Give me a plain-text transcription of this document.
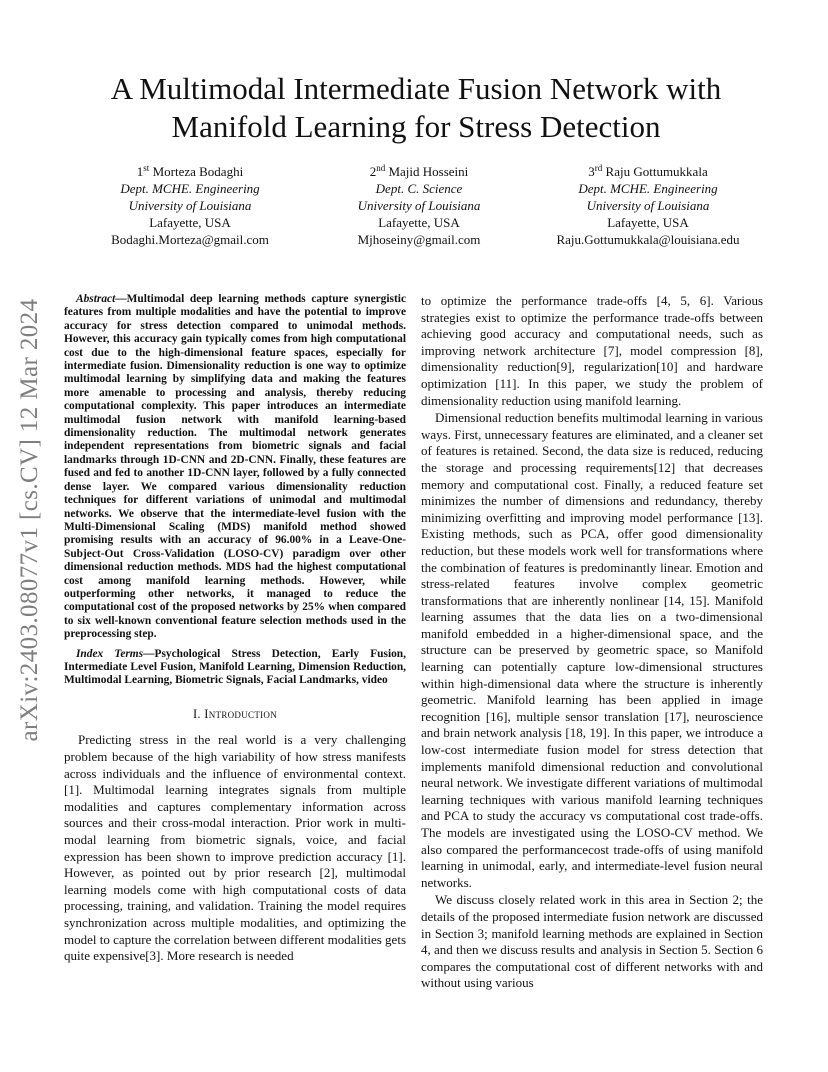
arXiv:2403.08077v1 [cs.CV] 12 Mar 2024
A Multimodal Intermediate Fusion Network with Manifold Learning for Stress Detection
1st Morteza Bodaghi
Dept. MCHE. Engineering
University of Louisiana
Lafayette, USA
Bodaghi.Morteza@gmail.com
2nd Majid Hosseini
Dept. C. Science
University of Louisiana
Lafayette, USA
Mjhoseiny@gmail.com
3rd Raju Gottumukkala
Dept. MCHE. Engineering
University of Louisiana
Lafayette, USA
Raju.Gottumukkala@louisiana.edu

Abstract—Multimodal deep learning methods capture synergistic features from multiple modalities and have the potential to improve accuracy for stress detection compared to unimodal methods. However, this accuracy gain typically comes from high computational cost due to the high-dimensional feature spaces, especially for intermediate fusion. Dimensionality reduction is one way to optimize multimodal learning by simplifying data and making the features more amenable to processing and analysis, thereby reducing computational complexity. This paper introduces an intermediate multimodal fusion network with manifold learning-based dimensionality reduction. The multimodal network generates independent representations from biometric signals and facial landmarks through 1D-CNN and 2D-CNN. Finally, these features are fused and fed to another 1D-CNN layer, followed by a fully connected dense layer. We compared various dimensionality reduction techniques for different variations of unimodal and multimodal networks. We observe that the intermediate-level fusion with the Multi-Dimensional Scaling (MDS) manifold method showed promising results with an accuracy of 96.00% in a Leave-One-Subject-Out Cross-Validation (LOSO-CV) paradigm over other dimensional reduction methods. MDS had the highest computational cost among manifold learning methods. However, while outperforming other networks, it managed to reduce the computational cost of the proposed networks by 25% when compared to six well-known conventional feature selection methods used in the preprocessing step.

Index Terms—Psychological Stress Detection, Early Fusion, Intermediate Level Fusion, Manifold Learning, Dimension Reduction, Multimodal Learning, Biometric Signals, Facial Landmarks, video

I. Introduction

Predicting stress in the real world is a very challenging problem because of the high variability of how stress manifests across individuals and the influence of environmental context. [1]. Multimodal learning integrates signals from multiple modalities and captures complementary information across sources and their cross-modal interaction. Prior work in multi-modal learning from biometric signals, voice, and facial expression has been shown to improve prediction accuracy [1]. However, as pointed out by prior research [2], multimodal learning models come with high computational costs of data processing, training, and validation. Training the model requires synchronization across multiple modalities, and optimizing the model to capture the correlation between different modalities gets quite expensive[3]. More research is needed

to optimize the performance trade-offs [4, 5, 6]. Various strategies exist to optimize the performance trade-offs between achieving good accuracy and computational needs, such as improving network architecture [7], model compression [8], dimensionality reduction[9], regularization[10] and hardware optimization [11]. In this paper, we study the problem of dimensionality reduction using manifold learning.

Dimensional reduction benefits multimodal learning in various ways. First, unnecessary features are eliminated, and a cleaner set of features is retained. Second, the data size is reduced, reducing the storage and processing requirements[12] that decreases memory and computational cost. Finally, a reduced feature set minimizes the number of dimensions and redundancy, thereby minimizing overfitting and improving model performance [13]. Existing methods, such as PCA, offer good dimensionality reduction, but these models work well for transformations where the combination of features is predominantly linear. Emotion and stress-related features involve complex geometric transformations that are inherently nonlinear [14, 15]. Manifold learning assumes that the data lies on a two-dimensional manifold embedded in a higher-dimensional space, and the structure can be preserved by geometric space, so Manifold learning can potentially capture low-dimensional structures within high-dimensional data where the structure is inherently geometric. Manifold learning has been applied in image recognition [16], multiple sensor translation [17], neuroscience and brain network analysis [18, 19]. In this paper, we introduce a low-cost intermediate fusion model for stress detection that implements manifold dimensional reduction and convolutional neural network. We investigate different variations of multimodal learning techniques with various manifold learning techniques and PCA to study the accuracy vs computational cost trade-offs. The models are investigated using the LOSO-CV method. We also compared the performancecost trade-offs of using manifold learning in unimodal, early, and intermediate-level fusion neural networks.

We discuss closely related work in this area in Section 2; the details of the proposed intermediate fusion network are discussed in Section 3; manifold learning methods are explained in Section 4, and then we discuss results and analysis in Section 5. Section 6 compares the computational cost of different networks with and without using various
